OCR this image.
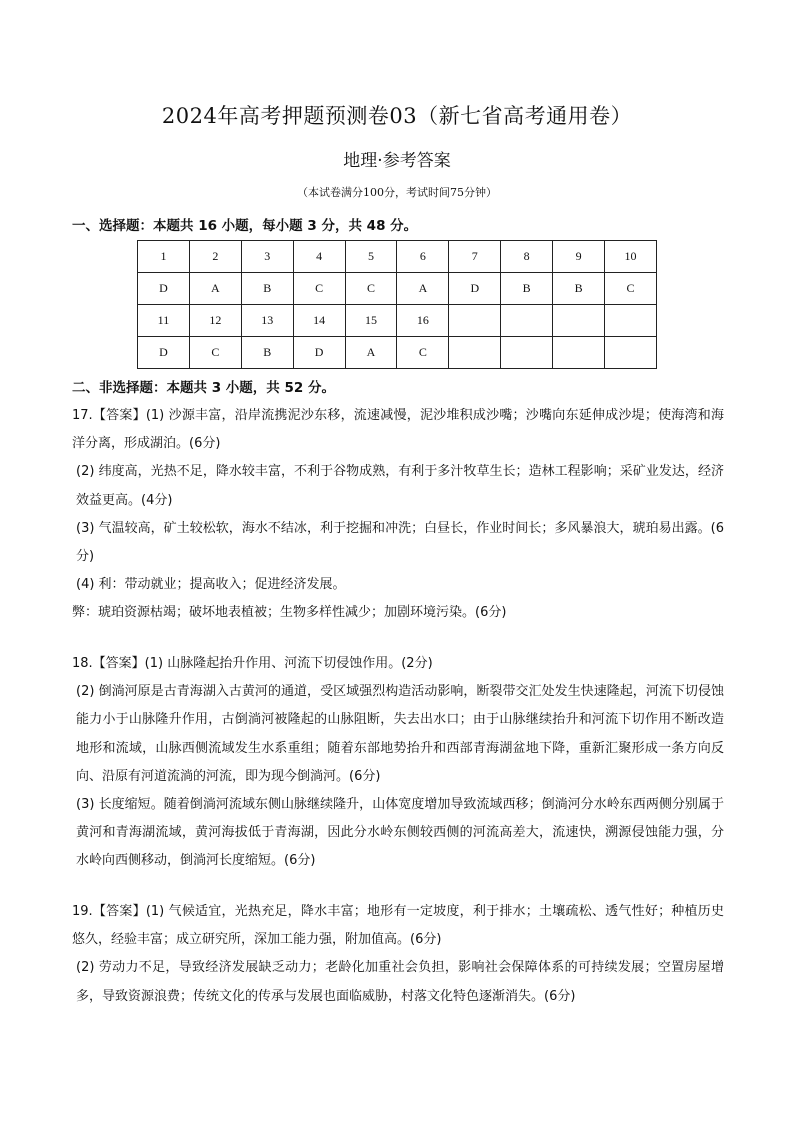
2024年高考押题预测卷03（新七省高考通用卷）
地理·参考答案
（本试卷满分100分，考试时间75分钟）
一、选择题：本题共 16 小题，每小题 3 分，共 48 分。
1	2	3	4	5	6	7	8	9	10
D	A	B	C	C	A	D	B	B	C
11	12	13	14	15	16				
D	C	B	D	A	C				
二、非选择题：本题共 3 小题，共 52 分。

17.【答案】(1) 沙源丰富，沿岸流携泥沙东移，流速减慢，泥沙堆积成沙嘴；沙嘴向东延伸成沙堤；使海湾和海洋分离，形成湖泊。(6分)

(2) 纬度高，光热不足，降水较丰富，不利于谷物成熟，有利于多汁牧草生长；造林工程影响；采矿业发达，经济效益更高。(4分)

(3) 气温较高，矿土较松软，海水不结冰，利于挖掘和冲洗；白昼长，作业时间长；多风暴浪大，琥珀易出露。(6分)

(4) 利：带动就业；提高收入；促进经济发展。

弊：琥珀资源枯竭；破坏地表植被；生物多样性减少；加剧环境污染。(6分)

18.【答案】(1) 山脉隆起抬升作用、河流下切侵蚀作用。(2分)

(2) 倒淌河原是古青海湖入古黄河的通道，受区域强烈构造活动影响，断裂带交汇处发生快速隆起，河流下切侵蚀能力小于山脉隆升作用，古倒淌河被隆起的山脉阻断，失去出水口；由于山脉继续抬升和河流下切作用不断改造地形和流域，山脉西侧流域发生水系重组；随着东部地势抬升和西部青海湖盆地下降，重新汇聚形成一条方向反向、沿原有河道流淌的河流，即为现今倒淌河。(6分)

(3) 长度缩短。随着倒淌河流域东侧山脉继续隆升，山体宽度增加导致流域西移；倒淌河分水岭东西两侧分别属于黄河和青海湖流域，黄河海拔低于青海湖，因此分水岭东侧较西侧的河流高差大，流速快，溯源侵蚀能力强，分水岭向西侧移动，倒淌河长度缩短。(6分)

19.【答案】(1) 气候适宜，光热充足，降水丰富；地形有一定坡度，利于排水；土壤疏松、透气性好；种植历史悠久，经验丰富；成立研究所，深加工能力强，附加值高。(6分)

(2) 劳动力不足，导致经济发展缺乏动力；老龄化加重社会负担，影响社会保障体系的可持续发展；空置房屋增多，导致资源浪费；传统文化的传承与发展也面临威胁，村落文化特色逐渐消失。(6分)
